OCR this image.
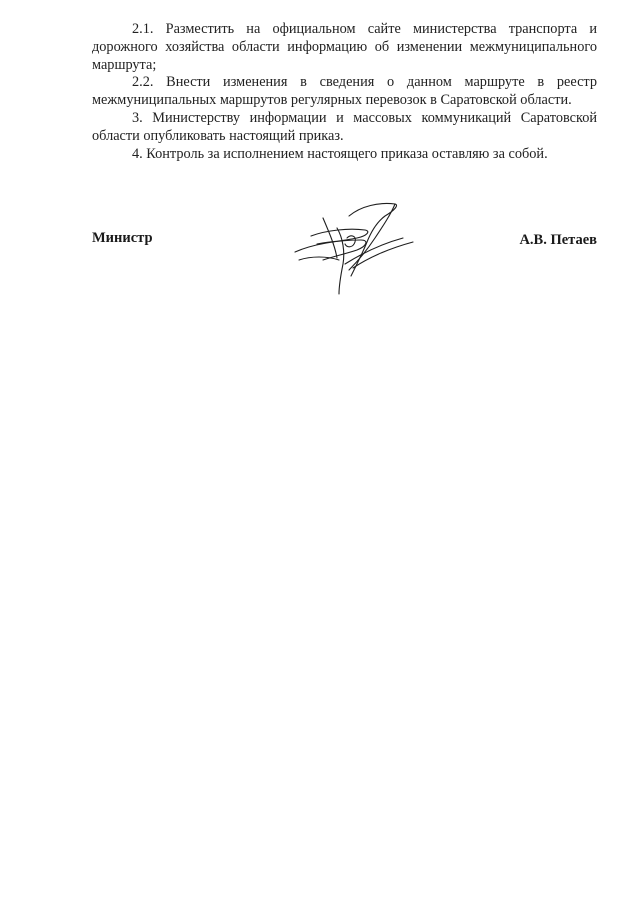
2.1. Разместить на официальном сайте министерства транспорта и дорожного хозяйства области информацию об изменении межмуниципального маршрута;

2.2. Внести изменения в сведения о данном маршруте в реестр межмуниципальных маршрутов регулярных перевозок в Саратовской области.

3. Министерству информации и массовых коммуникаций Саратовской области опубликовать настоящий приказ.

4. Контроль за исполнением настоящего приказа оставляю за собой.

Министр	А.В. Петаев
